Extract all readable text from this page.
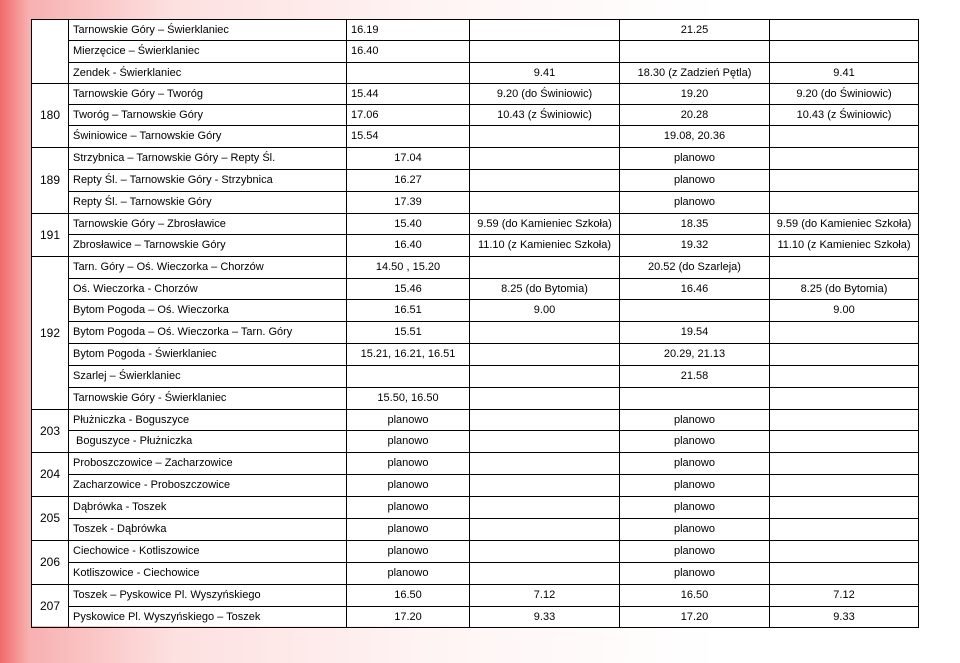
	Tarnowskie Góry – Świerklaniec	16.19		21.25	
	Mierzęcice – Świerklaniec	16.40			
	Zendek - Świerklaniec		9.41	18.30 (z Zadzień Pętla)	9.41
180	Tarnowskie Góry – Tworóg	15.44	9.20 (do Świniowic)	19.20	9.20 (do Świniowic)
	Tworóg – Tarnowskie Góry	17.06	10.43 (z Świniowic)	20.28	10.43 (z Świniowic)
	Świniowice – Tarnowskie Góry	15.54		19.08, 20.36	
189	Strzybnica – Tarnowskie Góry – Repty Śl.	17.04		planowo	
	Repty Śl. – Tarnowskie Góry - Strzybnica	16.27		planowo	
	Repty Śl. – Tarnowskie Góry	17.39		planowo	
191	Tarnowskie Góry – Zbrosławice	15.40	9.59 (do Kamieniec Szkoła)	18.35	9.59 (do Kamieniec Szkoła)
	Zbrosławice – Tarnowskie Góry	16.40	11.10 (z Kamieniec Szkoła)	19.32	11.10 (z Kamieniec Szkoła)
192	Tarn. Góry – Oś. Wieczorka – Chorzów	14.50 , 15.20		20.52 (do Szarleja)	
	Oś. Wieczorka - Chorzów	15.46	8.25 (do Bytomia)	16.46	8.25 (do Bytomia)
	Bytom Pogoda – Oś. Wieczorka	16.51	9.00		9.00
	Bytom Pogoda – Oś. Wieczorka – Tarn. Góry	15.51		19.54	
	Bytom Pogoda - Świerklaniec	15.21, 16.21, 16.51		20.29, 21.13	
	Szarlej – Świerklaniec			21.58	
	Tarnowskie Góry - Świerklaniec	15.50, 16.50			
203	Płużniczka - Boguszyce	planowo		planowo	
	Boguszyce - Płużniczka	planowo		planowo	
204	Proboszczowice – Zacharzowice	planowo		planowo	
	Zacharzowice - Proboszczowice	planowo		planowo	
205	Dąbrówka - Toszek	planowo		planowo	
	Toszek - Dąbrówka	planowo		planowo	
206	Ciechowice - Kotliszowice	planowo		planowo	
	Kotliszowice - Ciechowice	planowo		planowo	
207	Toszek – Pyskowice Pl. Wyszyńskiego	16.50	7.12	16.50	7.12
	Pyskowice Pl. Wyszyńskiego – Toszek	17.20	9.33	17.20	9.33
